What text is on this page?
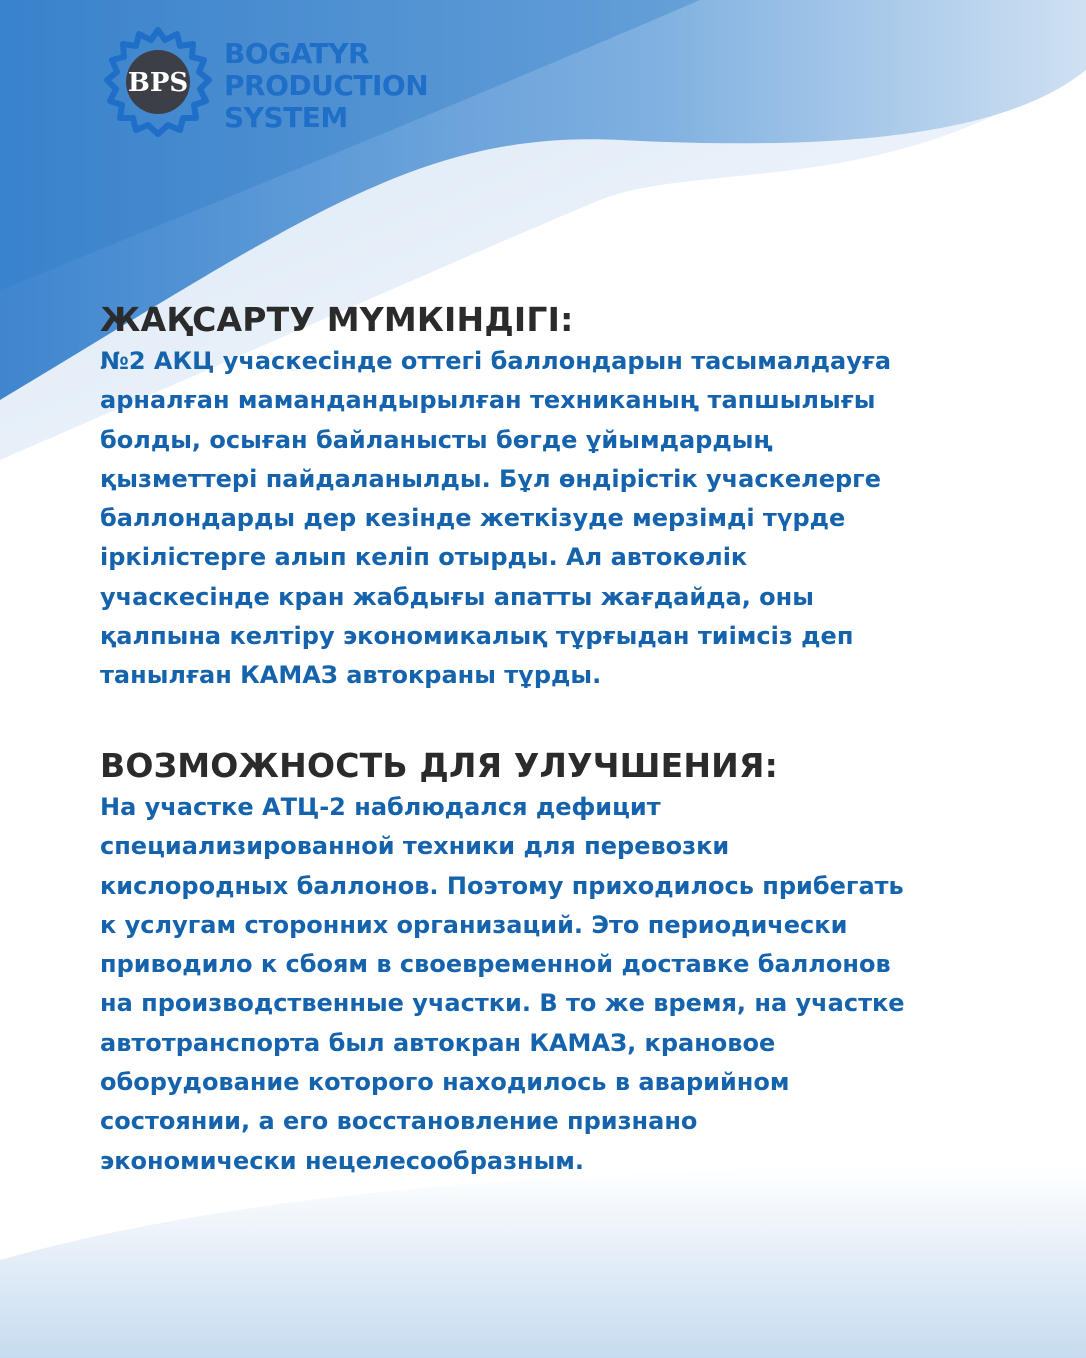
BPS
BOGATYR
PRODUCTION
SYSTEM
ЖАҚСАРТУ МҮМКІНДІГІ:
№2 АКЦ учаскесінде оттегі баллондарын тасымалдауға
арналған мамандандырылған техниканың тапшылығы
болды, осыған байланысты бөгде ұйымдардың
қызметтері пайдаланылды. Бұл өндірістік учаскелерге
баллондарды дер кезінде жеткізуде мерзімді түрде
іркілістерге алып келіп отырды. Ал автокөлік
учаскесінде кран жабдығы апатты жағдайда, оны
қалпына келтіру экономикалық тұрғыдан тиімсіз деп
танылған КАМАЗ автокраны тұрды.
ВОЗМОЖНОСТЬ ДЛЯ УЛУЧШЕНИЯ:
На участке АТЦ-2 наблюдался дефицит
специализированной техники для перевозки
кислородных баллонов. Поэтому приходилось прибегать
к услугам сторонних организаций. Это периодически
приводило к сбоям в своевременной доставке баллонов
на производственные участки. В то же время, на участке
автотранспорта был автокран КАМАЗ, крановое
оборудование которого находилось в аварийном
состоянии, а его восстановление признано
экономически нецелесообразным.
